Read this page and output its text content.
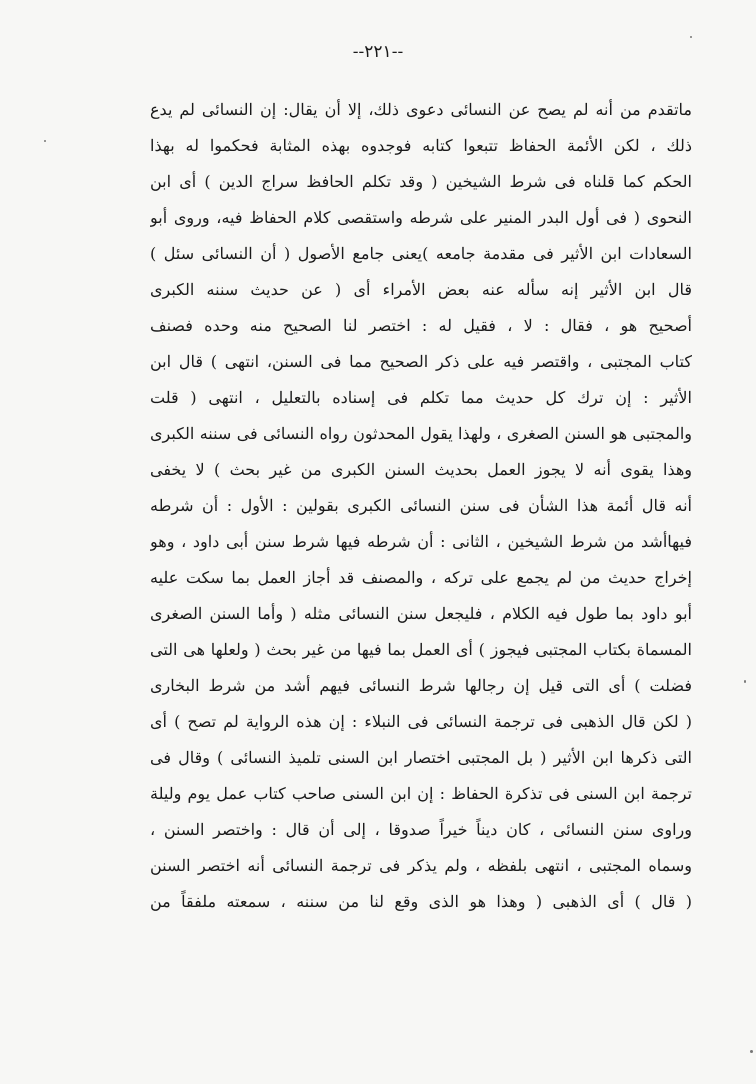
--٢٢١--
ماتقدم من أنه لم يصح عن النسائى دعوى ذلك، إلا أن يقال: إن النسائى لم يدع
ذلك ، لكن الأئمة الحفاظ تتبعوا كتابه فوجدوه بهذه المثابة فحكموا له بهذا
الحكم كما قلناه فى شرط الشيخين ( وقد تكلم الحافظ سراج الدين ) أى ابن
النحوى ( فى أول البدر المنير على شرطه واستقصى كلام الحفاظ فيه، وروى أبو
السعادات ابن الأثير فى مقدمة جامعه )يعنى جامع الأصول ( أن النسائى سئل )
قال ابن الأثير إنه سأله عنه بعض الأمراء أى ( عن حديث سننه الكبرى
أصحيح هو ، فقال : لا ، فقيل له : اختصر لنا الصحيح منه وحده فصنف
كتاب المجتبى ، واقتصر فيه على ذكر الصحيح مما فى السنن، انتهى ) قال ابن
الأثير : إن ترك كل حديث مما تكلم فى إسناده بالتعليل ، انتهى ( قلت
والمجتبى هو السنن الصغرى ، ولهذا يقول المحدثون رواه النسائى فى سننه الكبرى
وهذا يقوى أنه لا يجوز العمل بحديث السنن الكبرى من غير بحث ) لا يخفى
أنه قال أئمة هذا الشأن فى سنن النسائى الكبرى بقولين : الأول : أن شرطه
فيهاأشد من شرط الشيخين ، الثانى : أن شرطه فيها شرط سنن أبى داود ، وهو
إخراج حديث من لم يجمع على تركه ، والمصنف قد أجاز العمل بما سكت عليه
أبو داود بما طول فيه الكلام ، فليجعل سنن النسائى مثله ( وأما السنن الصغرى
المسماة بكتاب المجتبى فيجوز ) أى العمل بما فيها من غير بحث ( ولعلها هى التى
فضلت ) أى التى قيل إن رجالها شرط النسائى فيهم أشد من شرط البخارى
( لكن قال الذهبى فى ترجمة النسائى فى النبلاء : إن هذه الرواية لم تصح ) أى
التى ذكرها ابن الأثير ( بل المجتبى اختصار ابن السنى تلميذ النسائى ) وقال فى
ترجمة ابن السنى فى تذكرة الحفاظ : إن ابن السنى صاحب كتاب عمل يوم وليلة
وراوى سنن النسائى ، كان ديناً خيراً صدوقا ، إلى أن قال : واختصر السنن ،
وسماه المجتبى ، انتهى بلفظه ، ولم يذكر فى ترجمة النسائى أنه اختصر السنن
( قال ) أى الذهبى ( وهذا هو الذى وقع لنا من سننه ، سمعته ملفقاً من
